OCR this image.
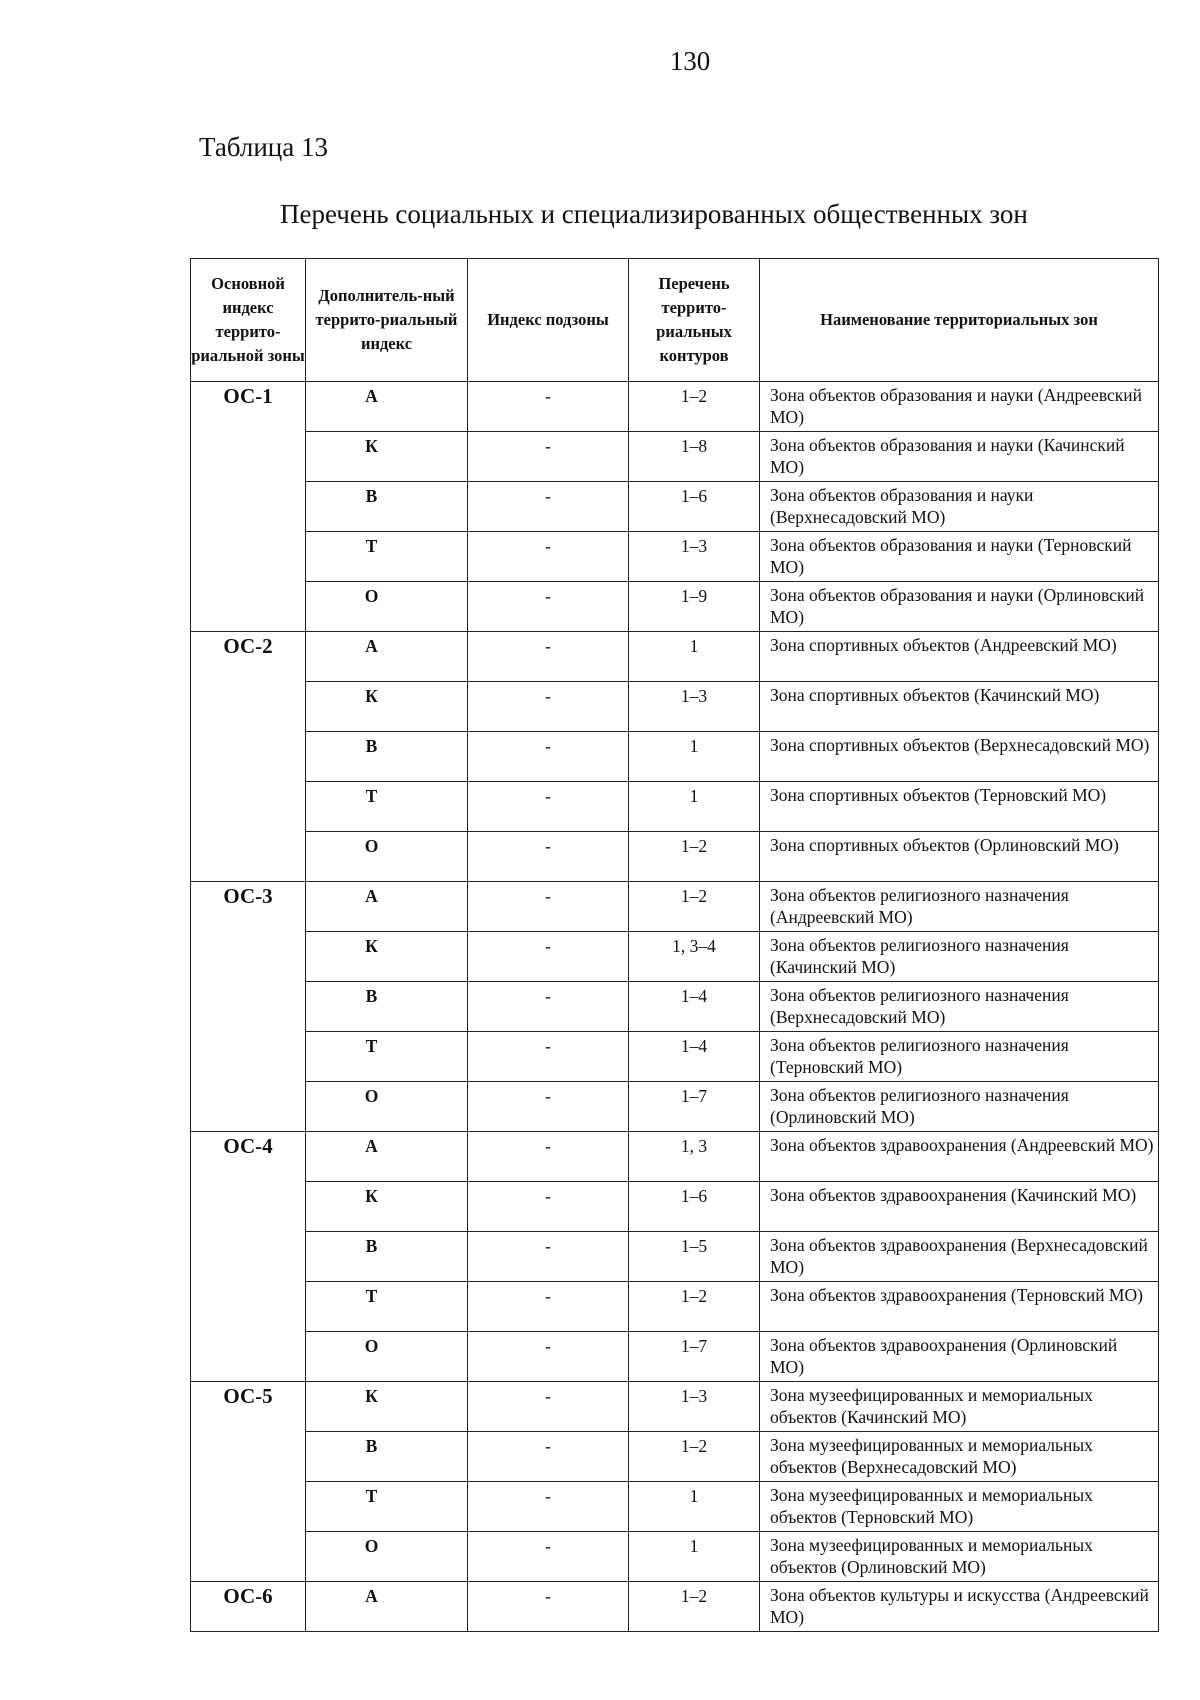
130
Таблица 13
Перечень социальных и специализированных общественных зон
Основной индекс террито-риальной зоны	Дополнитель-ный террито-риальный индекс	Индекс подзоны	Перечень террито-риальных контуров	Наименование территориальных зон
ОС-1	А	-	1–2	Зона объектов образования и науки (Андреевский МО)
	К	-	1–8	Зона объектов образования и науки (Качинский МО)
	В	-	1–6	Зона объектов образования и науки (Верхнесадовский МО)
	Т	-	1–3	Зона объектов образования и науки (Терновский МО)
	О	-	1–9	Зона объектов образования и науки (Орлиновский МО)
ОС-2	А	-	1	Зона спортивных объектов (Андреевский МО)
	К	-	1–3	Зона спортивных объектов (Качинский МО)
	В	-	1	Зона спортивных объектов (Верхнесадовский МО)
	Т	-	1	Зона спортивных объектов (Терновский МО)
	О	-	1–2	Зона спортивных объектов (Орлиновский МО)
ОС-3	А	-	1–2	Зона объектов религиозного назначения (Андреевский МО)
	К	-	1, 3–4	Зона объектов религиозного назначения (Качинский МО)
	В	-	1–4	Зона объектов религиозного назначения (Верхнесадовский МО)
	Т	-	1–4	Зона объектов религиозного назначения (Терновский МО)
	О	-	1–7	Зона объектов религиозного назначения (Орлиновский МО)
ОС-4	А	-	1, 3	Зона объектов здравоохранения (Андреевский МО)
	К	-	1–6	Зона объектов здравоохранения (Качинский МО)
	В	-	1–5	Зона объектов здравоохранения (Верхнесадовский МО)
	Т	-	1–2	Зона объектов здравоохранения (Терновский МО)
	О	-	1–7	Зона объектов здравоохранения (Орлиновский МО)
ОС-5	К	-	1–3	Зона музеефицированных и мемориальных объектов (Качинский МО)
	В	-	1–2	Зона музеефицированных и мемориальных объектов (Верхнесадовский МО)
	Т	-	1	Зона музеефицированных и мемориальных объектов (Терновский МО)
	О	-	1	Зона музеефицированных и мемориальных объектов (Орлиновский МО)
ОС-6	А	-	1–2	Зона объектов культуры и искусства (Андреевский МО)
